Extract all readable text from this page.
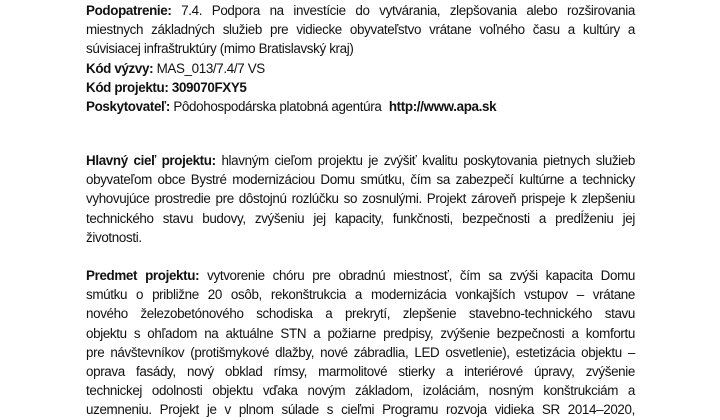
Podopatrenie: 7.4. Podpora na investície do vytvárania, zlepšovania alebo rozširovania
miestnych základných služieb pre vidiecke obyvateľstvo vrátane voľného času a kultúry a
súvisiacej infraštruktúry (mimo Bratislavský kraj)
Kód výzvy: MAS_013/7.4/7 VS
Kód projektu: 309070FXY5
Poskytovateľ: Pôdohospodárska platobná agentúra http://www.apa.sk
Hlavný cieľ projektu: hlavným cieľom projektu je zvýšiť kvalitu poskytovania pietnych služieb
obyvateľom obce Bystré modernizáciou Domu smútku, čím sa zabezpečí kultúrne a technicky
vyhovujúce prostredie pre dôstojnú rozlúčku so zosnulými. Projekt zároveň prispeje k zlepšeniu
technického stavu budovy, zvýšeniu jej kapacity, funkčnosti, bezpečnosti a predĺženiu jej
životnosti.
Predmet projektu: vytvorenie chóru pre obradnú miestnosť, čím sa zvýši kapacita Domu
smútku o približne 20 osôb, rekonštrukcia a modernizácia vonkajších vstupov – vrátane
nového železobetónového schodiska a prekrytí, zlepšenie stavebno-technického stavu
objektu s ohľadom na aktuálne STN a požiarne predpisy, zvýšenie bezpečnosti a komfortu
pre návštevníkov (protišmykové dlažby, nové zábradlia, LED osvetlenie), estetizácia objektu –
oprava fasády, nový obklad rímsy, marmolitové stierky a interiérové úpravy, zvýšenie
technickej odolnosti objektu vďaka novým základom, izoláciám, nosným konštrukciám a
uzemneniu. Projekt je v plnom súlade s cieľmi Programu rozvoja vidieka SR 2014–2020,
